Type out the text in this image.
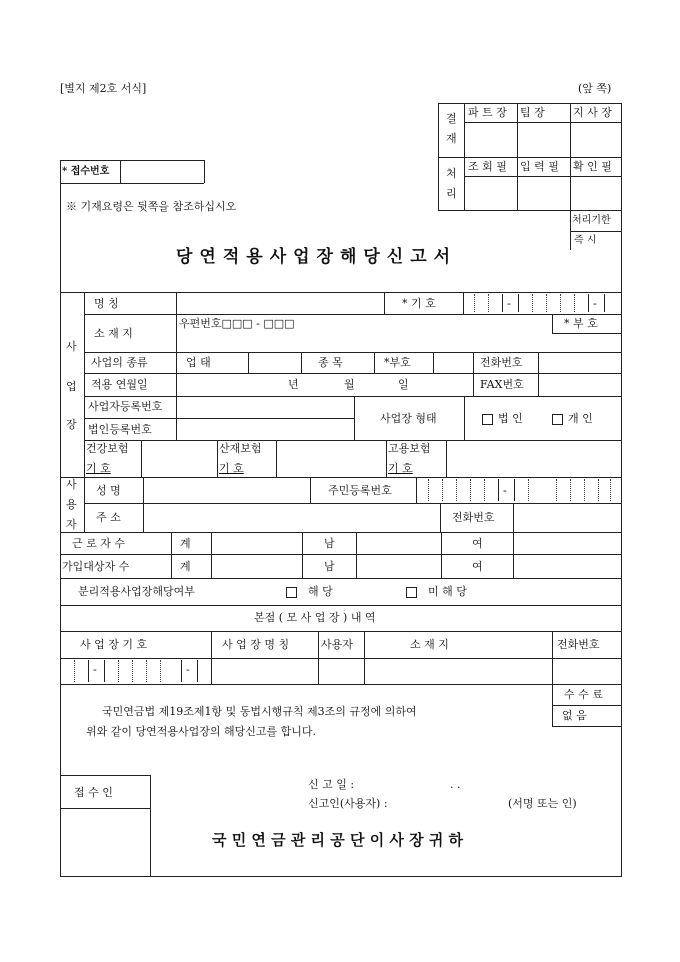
[별지 제2호 서식]	(앞 쪽)
결
재
처
리
파 트 장 팀 장	지 사 장
조 회 필 입 력 필 확 인 필
처리기한
즉 시
* 접수번호
※ 기재요령은 뒷쪽을 참조하십시오
당연적용사업장해당신고서
사
업
장
명 칭	* 기 호	-	-
소 재 지
우편번호□□□ - □□□	* 부 호
사업의 종류	업 태	종 목	*부호	전화번호
적용 연월일	년	월	일	FAX번호
사업자등록번호
법인등록번호
사업장 형태	법 인	개 인
건강보험
기 호
산재보험
기 호
고용보험
기 호
사
용
자
성 명	주민등록번호	-
주 소	전화번호
근 로 자 수	계	남	여
가입대상자 수	계	남	여
분리적용사업장해당여부	해 당	미 해 당
본점 ( 모 사 업 장 ) 내 역
사 업 장 기 호	사 업 장 명 칭	사용자	소 재 지	전화번호
-	-
국민연금법 제19조제1항 및 동법시행규칙 제3조의 규정에 의하여
위와 같이 당연적용사업장의 해당신고를 합니다.
수 수 료
없 음
접 수 인
신 고 일 :	. .
신고인(사용자) :	(서명 또는 인)
국 민 연 금 관 리 공 단 이 사 장 귀 하
